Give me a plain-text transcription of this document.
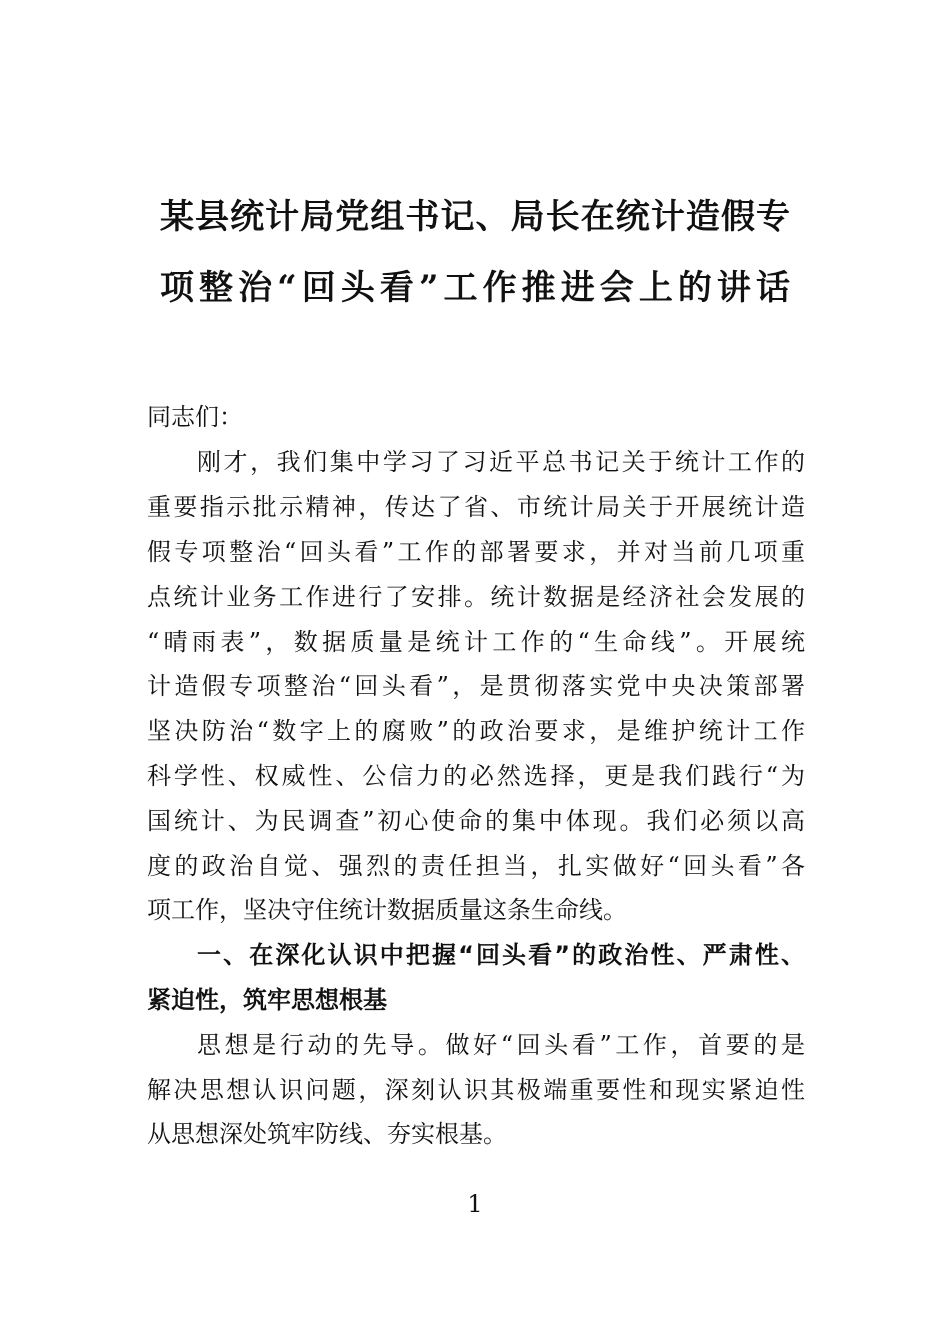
某县统计局党组书记、局长在统计造假专
项整治“回头看”工作推进会上的讲话
同志们：
刚才，我们集中学习了习近平总书记关于统计工作的
重要指示批示精神，传达了省、市统计局关于开展统计造
假专项整治“回头看”工作的部署要求，并对当前几项重
点统计业务工作进行了安排。统计数据是经济社会发展的
“晴雨表”，数据质量是统计工作的“生命线”。开展统
计造假专项整治“回头看”，是贯彻落实党中央决策部署
坚决防治“数字上的腐败”的政治要求，是维护统计工作
科学性、权威性、公信力的必然选择，更是我们践行“为
国统计、为民调查”初心使命的集中体现。我们必须以高
度的政治自觉、强烈的责任担当，扎实做好“回头看”各
项工作，坚决守住统计数据质量这条生命线。
一、在深化认识中把握“回头看”的政治性、严肃性、
紧迫性，筑牢思想根基
思想是行动的先导。做好“回头看”工作，首要的是
解决思想认识问题，深刻认识其极端重要性和现实紧迫性
从思想深处筑牢防线、夯实根基。
1
